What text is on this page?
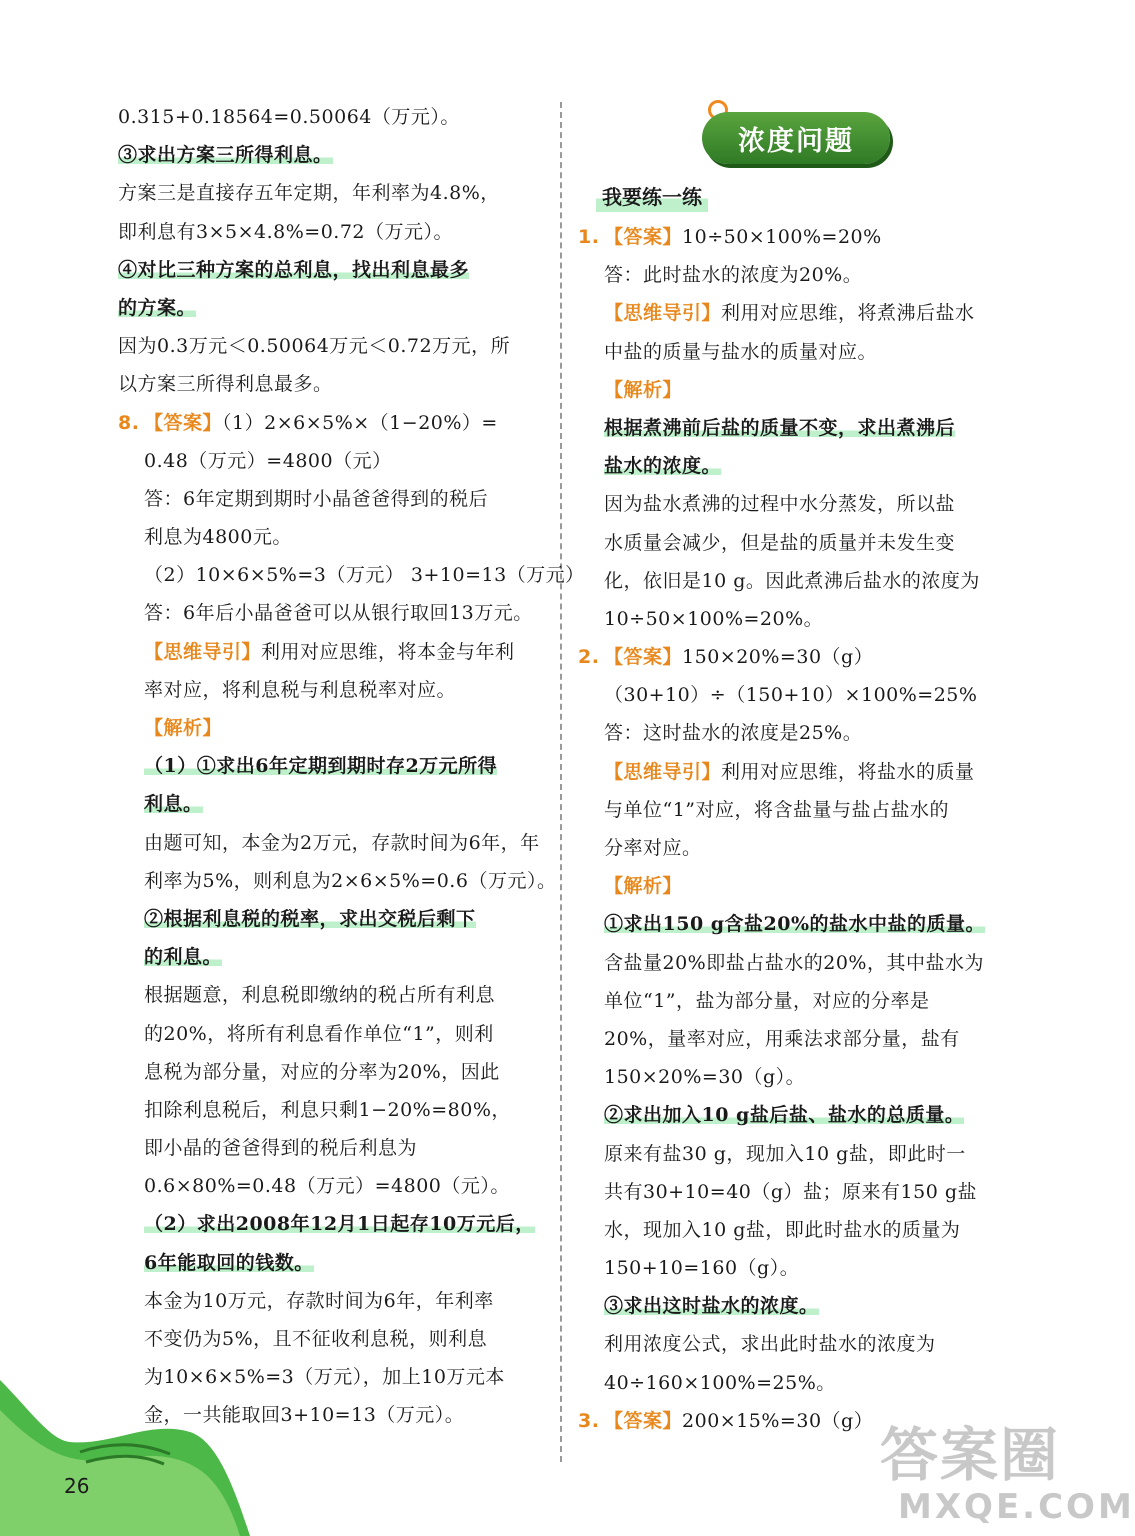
0.315+0.18564=0.50064（万元）。
③求出方案三所得利息。
方案三是直接存五年定期，年利率为4.8%，
即利息有3×5×4.8%=0.72（万元）。
④对比三种方案的总利息，找出利息最多
的方案。
因为0.3万元＜0.50064万元＜0.72万元，所
以方案三所得利息最多。
8. 【答案】（1）2×6×5%×（1−20%）=
0.48（万元）=4800（元）
答：6年定期到期时小晶爸爸得到的税后
利息为4800元。
（2）10×6×5%=3（万元） 3+10=13（万元）
答：6年后小晶爸爸可以从银行取回13万元。
【思维导引】利用对应思维，将本金与年利
率对应，将利息税与利息税率对应。
【解析】
（1）①求出6年定期到期时存2万元所得
利息。
由题可知，本金为2万元，存款时间为6年，年
利率为5%，则利息为2×6×5%=0.6（万元）。
②根据利息税的税率，求出交税后剩下
的利息。
根据题意，利息税即缴纳的税占所有利息
的20%，将所有利息看作单位“1”，则利
息税为部分量，对应的分率为20%，因此
扣除利息税后，利息只剩1−20%=80%，
即小晶的爸爸得到的税后利息为
0.6×80%=0.48（万元）=4800（元）。
（2）求出2008年12月1日起存10万元后，
6年能取回的钱数。
本金为10万元，存款时间为6年，年利率
不变仍为5%，且不征收利息税，则利息
为10×6×5%=3（万元），加上10万元本
金，一共能取回3+10=13（万元）。
浓度问题
我要练一练
1. 【答案】10÷50×100%=20%
答：此时盐水的浓度为20%。
【思维导引】利用对应思维，将煮沸后盐水
中盐的质量与盐水的质量对应。
【解析】
根据煮沸前后盐的质量不变，求出煮沸后
盐水的浓度。
因为盐水煮沸的过程中水分蒸发，所以盐
水质量会减少，但是盐的质量并未发生变
化，依旧是10 g。因此煮沸后盐水的浓度为
10÷50×100%=20%。
2. 【答案】150×20%=30（g）
（30+10）÷（150+10）×100%=25%
答：这时盐水的浓度是25%。
【思维导引】利用对应思维，将盐水的质量
与单位“1”对应，将含盐量与盐占盐水的
分率对应。
【解析】
①求出150 g含盐20%的盐水中盐的质量。
含盐量20%即盐占盐水的20%，其中盐水为
单位“1”，盐为部分量，对应的分率是
20%，量率对应，用乘法求部分量，盐有
150×20%=30（g）。
②求出加入10 g盐后盐、盐水的总质量。
原来有盐30 g，现加入10 g盐，即此时一
共有30+10=40（g）盐；原来有150 g盐
水，现加入10 g盐，即此时盐水的质量为
150+10=160（g）。
③求出这时盐水的浓度。
利用浓度公式，求出此时盐水的浓度为
40÷160×100%=25%。
3. 【答案】200×15%=30（g）
26	答案圈
MXQE.COM
